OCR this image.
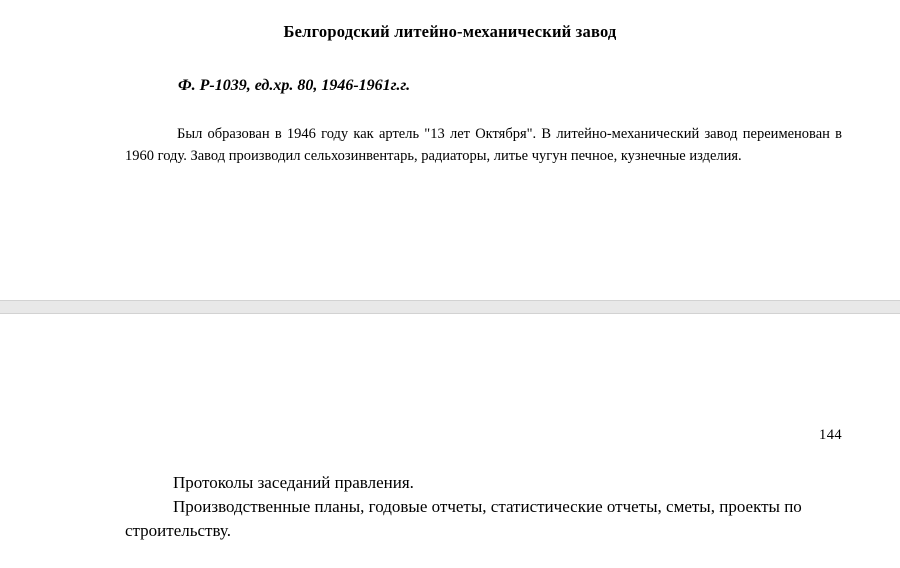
Белгородский литейно-механический завод

Ф. Р-1039, ед.хр. 80, 1946-1961г.г.

Был образован в 1946 году как артель "13 лет Октября". В литейно-механический завод переименован в 1960 году. Завод производил сельхозинвентарь, радиаторы, литье чугун печное, кузнечные изделия.

144

Протоколы заседаний правления.

Производственные планы, годовые отчеты, статистические отчеты, сметы, проекты по строительству.
